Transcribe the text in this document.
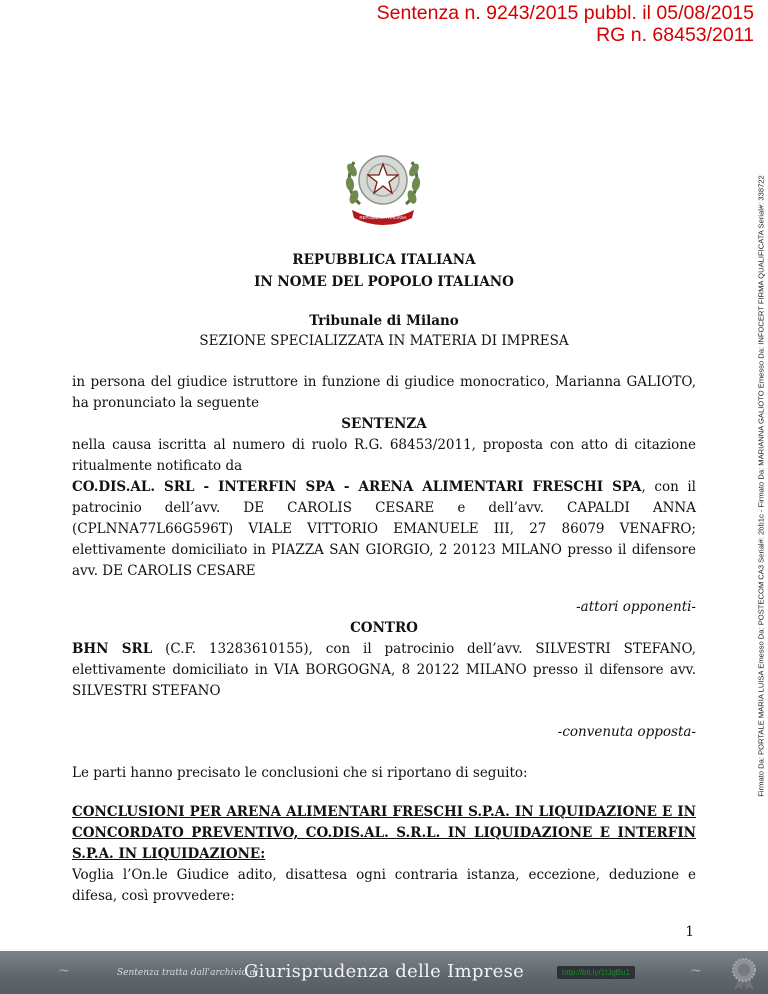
Sentenza n. 9243/2015 pubbl. il 05/08/2015
RG n. 68453/2011
REPUBBLICA ITALIANA	Firmato Da: PORTALE MARIA LUISA Emesso Da: POSTECOM CA3 Serial#: 2bb1c - Firmato Da: MARIANNA GALIOTO Emesso Da: INFOCERT FIRMA QUALIFICATA Serial#: 338722
REPUBBLICA ITALIANA
IN NOME DEL POPOLO ITALIANO
Tribunale di Milano
SEZIONE SPECIALIZZATA IN MATERIA DI IMPRESA
in persona del giudice istruttore in funzione di giudice monocratico, Marianna GALIOTO, ha pronunciato la seguente
SENTENZA
nella causa iscritta al numero di ruolo R.G. 68453/2011, proposta con atto di citazione ritualmente notificato da
CO.DIS.AL. SRL - INTERFIN SPA - ARENA ALIMENTARI FRESCHI SPA, con il patrocinio dell’avv. DE CAROLIS CESARE e dell’avv. CAPALDI ANNA (CPLNNA77L66G596T) VIALE VITTORIO EMANUELE III, 27 86079 VENAFRO; elettivamente domiciliato in PIAZZA SAN GIORGIO, 2 20123 MILANO presso il difensore avv. DE CAROLIS CESARE
-attori opponenti-
CONTRO
BHN SRL (C.F. 13283610155), con il patrocinio dell’avv. SILVESTRI STEFANO, elettivamente domiciliato in VIA BORGOGNA, 8 20122 MILANO presso il difensore avv. SILVESTRI STEFANO
-convenuta opposta-
Le parti hanno precisato le conclusioni che si riportano di seguito:
CONCLUSIONI PER ARENA ALIMENTARI FRESCHI S.P.A. IN LIQUIDAZIONE E IN CONCORDATO PREVENTIVO, CO.DIS.AL. S.R.L. IN LIQUIDAZIONE E INTERFIN S.P.A. IN LIQUIDAZIONE:
Voglia l’On.le Giudice adito, disattesa ogni contraria istanza, eccezione, deduzione e difesa, così provvedere:
1
~	Sentenza tratta dall'archivio di
Giurisprudenza delle Imprese	http://bit.ly/1tJgBu1	~
